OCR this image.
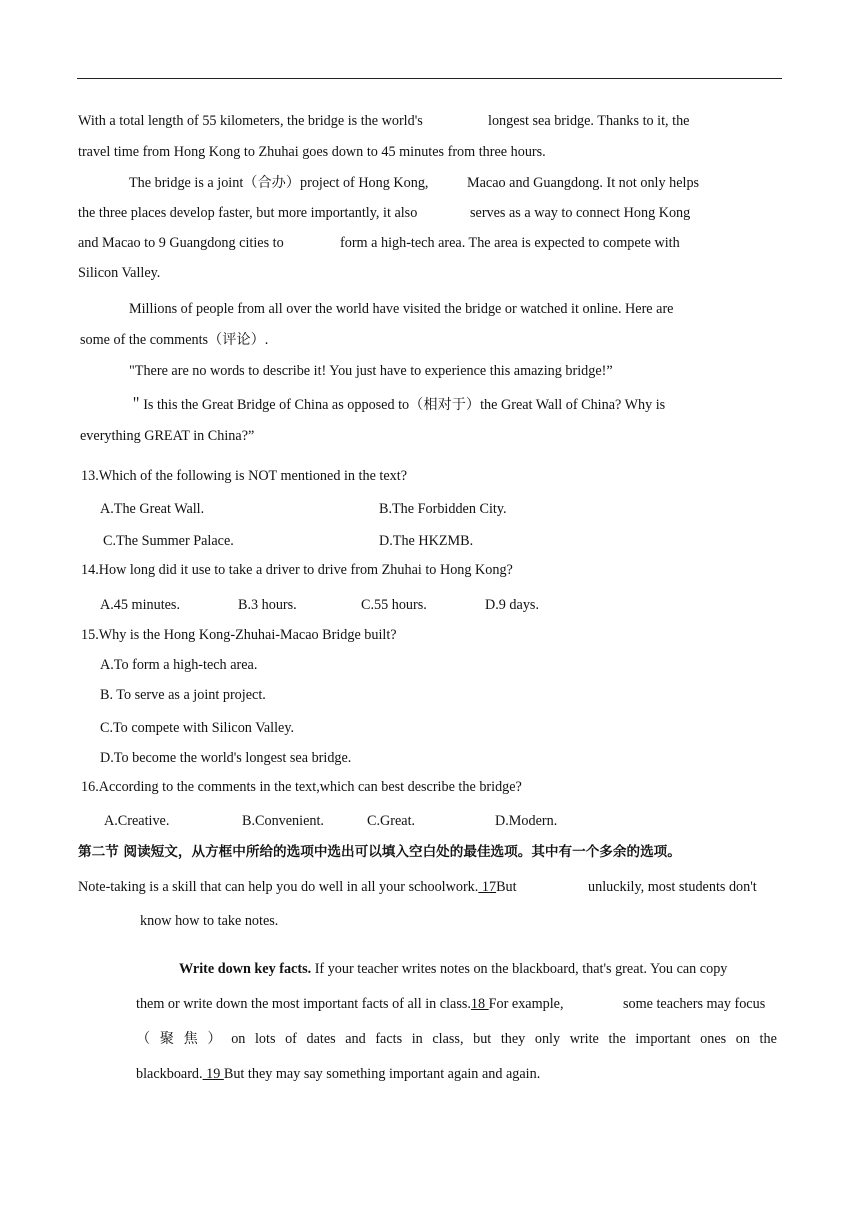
With a total length of 55 kilometers, the bridge is the world's	longest sea bridge. Thanks to it, the
travel time from Hong Kong to Zhuhai goes down to 45 minutes from three hours.
The bridge is a joint（合办）project of Hong Kong,	Macao and Guangdong. It not only helps
the three places develop faster, but more importantly, it also	serves as a way to connect Hong Kong
and Macao to 9 Guangdong cities to	form a high-tech area. The area is expected to compete with
Silicon Valley.
Millions of people from all over the world have visited the bridge or watched it online. Here are
some of the comments（评论）.
"There are no words to describe it! You just have to experience this amazing bridge!”
＂Is this the Great Bridge of China as opposed to（相对于）the Great Wall of China? Why is
everything GREAT in China?”
13.Which of the following is NOT mentioned in the text?
A.The Great Wall.	B.The Forbidden City.
C.The Summer Palace.	D.The HKZMB.
14.How long did it use to take a driver to drive from Zhuhai to Hong Kong?
A.45 minutes.	B.3 hours.	C.55 hours.	D.9 days.
15.Why is the Hong Kong-Zhuhai-Macao Bridge built?
A.To form a high-tech area.
B. To serve as a joint project.
C.To compete with Silicon Valley.
D.To become the world's longest sea bridge.
16.According to the comments in the text,which can best describe the bridge?
A.Creative.	B.Convenient.	C.Great.	D.Modern.
第二节 阅读短文，从方框中所给的选项中选出可以填入空白处的最佳选项。其中有一个多余的选项。
Note-taking is a skill that can help you do well in all your schoolwork. 17But	unluckily, most students don't
know how to take notes.
Write down key facts. If your teacher writes notes on the blackboard, that's great. You can copy
them or write down the most important facts of all in class.18 For example,	some teachers may focus
（ 聚 焦 ） on lots of dates and facts in class, but they only write the important ones on the
blackboard. 19 But they may say something important again and again.
